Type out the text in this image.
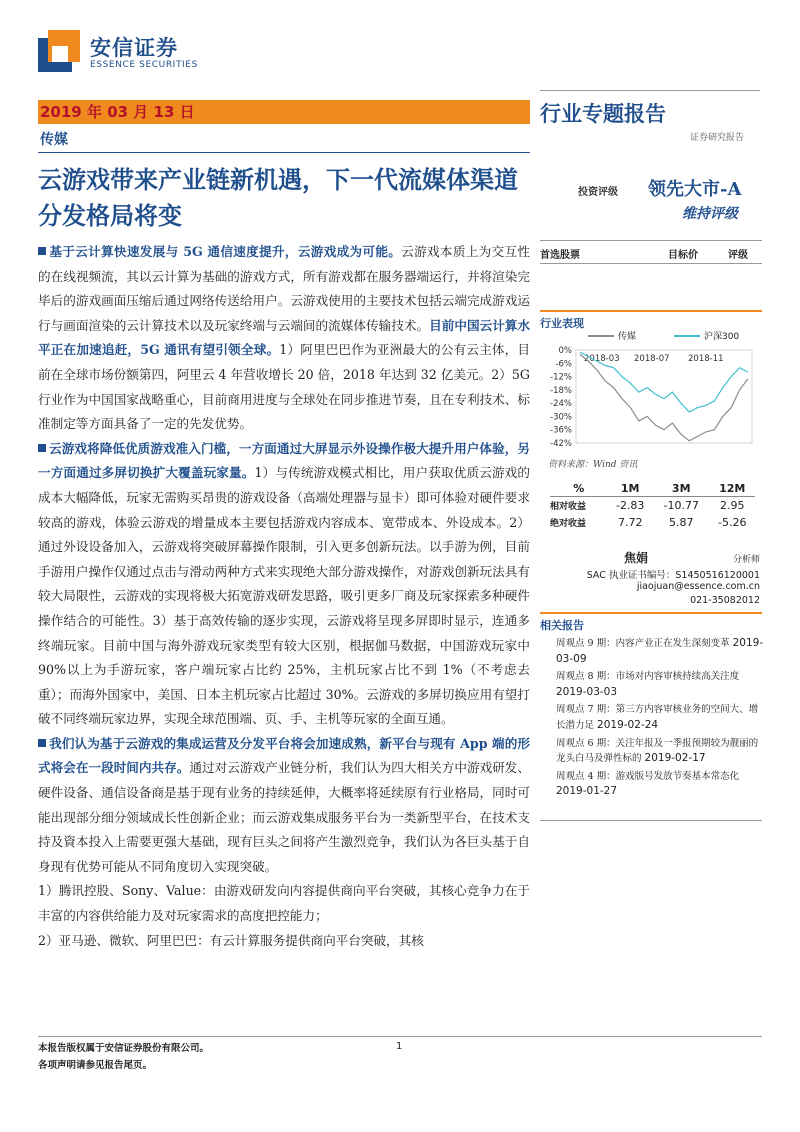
安信证券
ESSENCE SECURITIES
2019 年 03 月 13 日
传媒
行业专题报告
证券研究报告
云游戏带来产业链新机遇，下一代流媒体渠道分发格局将变
投资评级 领先大市-A
维持评级

基于云计算快速发展与 5G 通信速度提升，云游戏成为可能。云游戏本质上为交互性的在线视频流，其以云计算为基础的游戏方式，所有游戏都在服务器端运行，并将渲染完毕后的游戏画面压缩后通过网络传送给用户。云游戏使用的主要技术包括云端完成游戏运行与画面渲染的云计算技术以及玩家终端与云端间的流媒体传输技术。目前中国云计算水平正在加速追赶，5G 通讯有望引领全球。1）阿里巴巴作为亚洲最大的公有云主体，目前在全球市场份额第四，阿里云 4 年营收增长 20 倍，2018 年达到 32 亿美元。2）5G 行业作为中国国家战略重心，目前商用进度与全球处在同步推进节奏，且在专利技术、标准制定等方面具备了一定的先发优势。

云游戏将降低优质游戏准入门槛，一方面通过大屏显示外设操作极大提升用户体验，另一方面通过多屏切换扩大覆盖玩家量。1）与传统游戏模式相比，用户获取优质云游戏的成本大幅降低，玩家无需购买昂贵的游戏设备（高端处理器与显卡）即可体验对硬件要求较高的游戏，体验云游戏的增量成本主要包括游戏内容成本、宽带成本、外设成本。2）通过外设设备加入，云游戏将突破屏幕操作限制，引入更多创新玩法。以手游为例，目前手游用户操作仅通过点击与滑动两种方式来实现绝大部分游戏操作，对游戏创新玩法具有较大局限性，云游戏的实现将极大拓宽游戏研发思路，吸引更多厂商及玩家探索多种硬件操作结合的可能性。3）基于高效传输的逐步实现，云游戏将呈现多屏即时显示，连通多终端玩家。目前中国与海外游戏玩家类型有较大区别，根据伽马数据，中国游戏玩家中 90%以上为手游玩家，客户端玩家占比约 25%，主机玩家占比不到 1%（不考虑去重）；而海外国家中，美国、日本主机玩家占比超过 30%。云游戏的多屏切换应用有望打破不同终端玩家边界，实现全球范围端、页、手、主机等玩家的全面互通。

我们认为基于云游戏的集成运营及分发平台将会加速成熟，新平台与现有 App 端的形式将会在一段时间内共存。通过对云游戏产业链分析，我们认为四大相关方中游戏研发、硬件设备、通信设备商是基于现有业务的持续延伸，大概率将延续原有行业格局，同时可能出现部分细分领域成长性创新企业；而云游戏集成服务平台为一类新型平台，在技术支持及資本投入上需要更强大基础，现有巨头之间将产生激烈竞争，我们认为各巨头基于自身现有优势可能从不同角度切入实现突破。

1）腾讯控股、Sony、Value：由游戏研发向内容提供商向平台突破，其核心竞争力在于丰富的内容供给能力及对玩家需求的高度把控能力；

2）亚马逊、微软、阿里巴巴：有云计算服务提供商向平台突破，其核

首选股票	目标价	评级
行业表现
0%
-6%
-12%
-18%
-24%
-30%
-36%
-42%
2018-03 2018-07 2018-11
传媒	沪深300
资料来源：Wind 资讯
%	1M	3M	12M
相对收益	-2.83	-10.77	2.95
绝对收益	7.72	5.87	-5.26
焦娟	分析师
SAC 执业证书编号：S1450516120001
jiaojuan@essence.com.cn
021-35082012
相关报告
周观点 9 期：内容产业正在发生深刻变革 2019-03-09
周观点 8 期：市场对内容审核持续高关注度 2019-03-03
周观点 7 期：第三方内容审核业务的空间大、增长潜力足 2019-02-24
周观点 6 期：关注年报及一季报预期较为靓丽的龙头白马及弹性标的 2019-02-17
周观点 4 期：游戏版号发放节奏基本常态化 2019-01-27
本报告版权属于安信证券股份有限公司。
各项声明请参见报告尾页。
1
